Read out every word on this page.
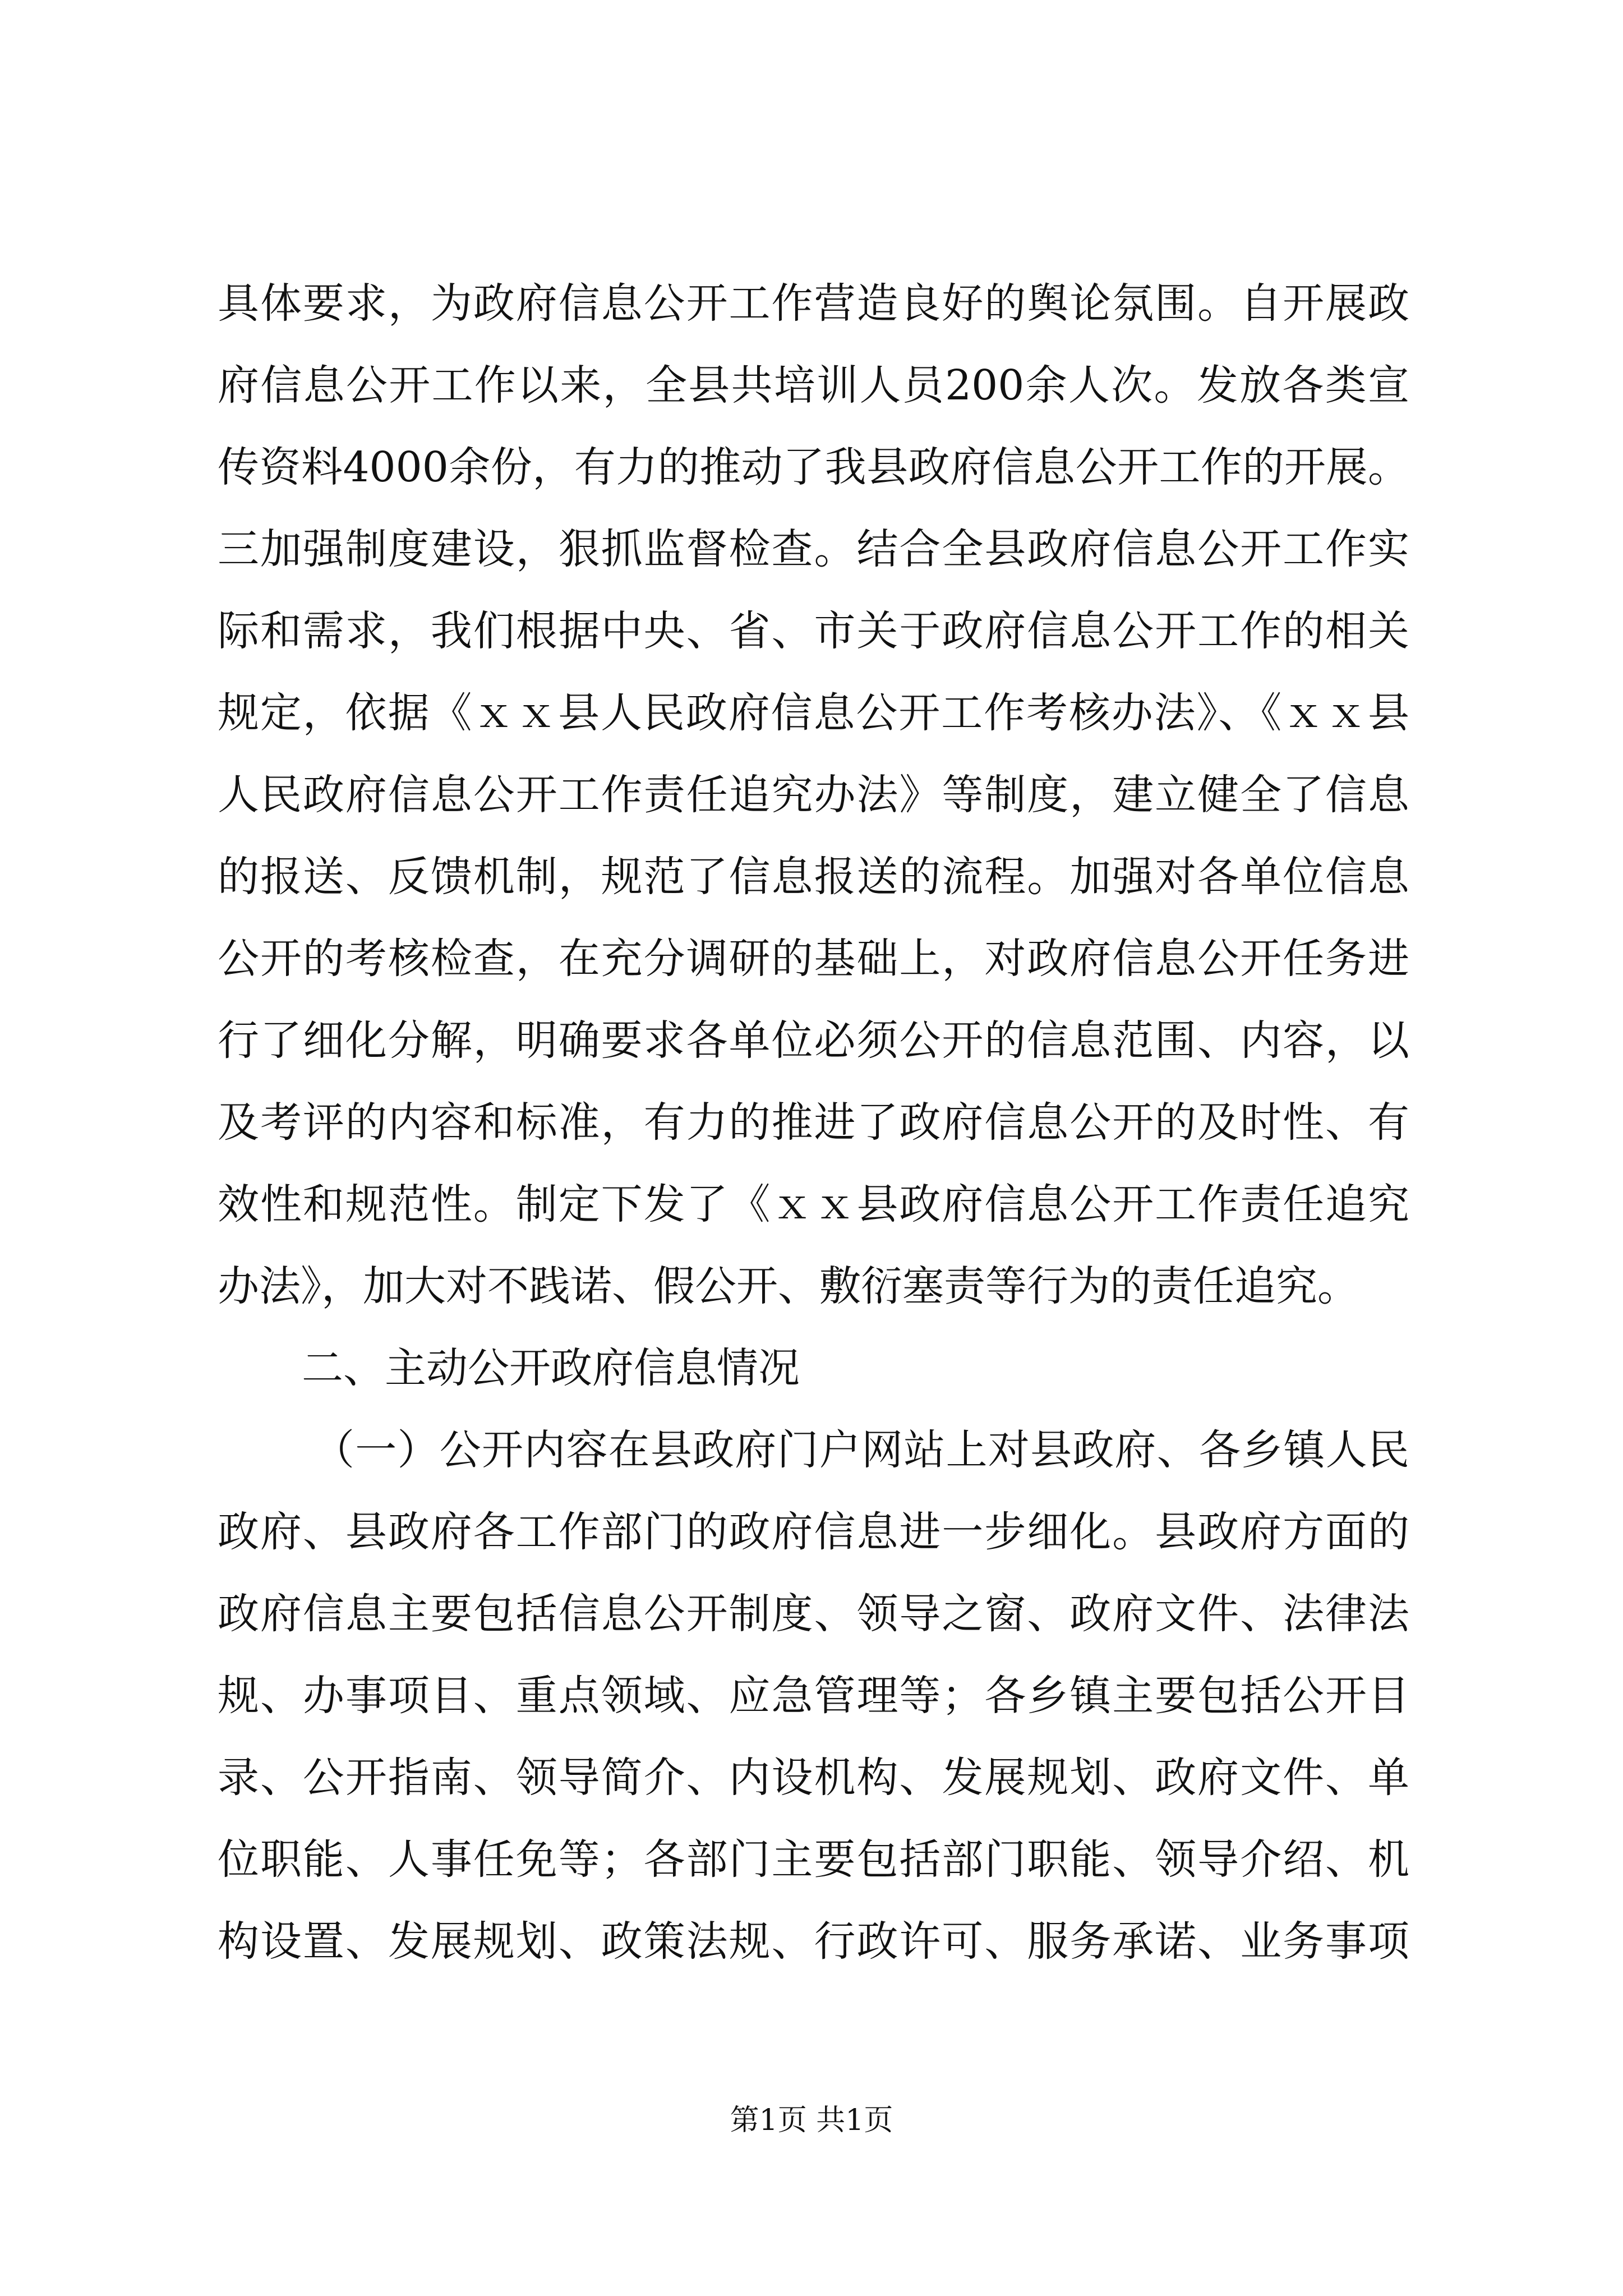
具体要求，为政府信息公开工作营造良好的舆论氛围。自开展政
府信息公开工作以来，全县共培训人员200余人次。发放各类宣
传资料4000余份，有力的推动了我县政府信息公开工作的开展。
三加强制度建设，狠抓监督检查。结合全县政府信息公开工作实
际和需求，我们根据中央、省、市关于政府信息公开工作的相关
规定，依据《ｘｘ县人民政府信息公开工作考核办法》、《ｘｘ县
人民政府信息公开工作责任追究办法》等制度，建立健全了信息
的报送、反馈机制，规范了信息报送的流程。加强对各单位信息
公开的考核检查，在充分调研的基础上，对政府信息公开任务进
行了细化分解，明确要求各单位必须公开的信息范围、内容，以
及考评的内容和标准，有力的推进了政府信息公开的及时性、有
效性和规范性。制定下发了《ｘｘ县政府信息公开工作责任追究
办法》，加大对不践诺、假公开、敷衍塞责等行为的责任追究。
二、主动公开政府信息情况
（一）公开内容在县政府门户网站上对县政府、各乡镇人民
政府、县政府各工作部门的政府信息进一步细化。县政府方面的
政府信息主要包括信息公开制度、领导之窗、政府文件、法律法
规、办事项目、重点领域、应急管理等；各乡镇主要包括公开目
录、公开指南、领导简介、内设机构、发展规划、政府文件、单
位职能、人事任免等；各部门主要包括部门职能、领导介绍、机
构设置、发展规划、政策法规、行政许可、服务承诺、业务事项
第1页 共1页
